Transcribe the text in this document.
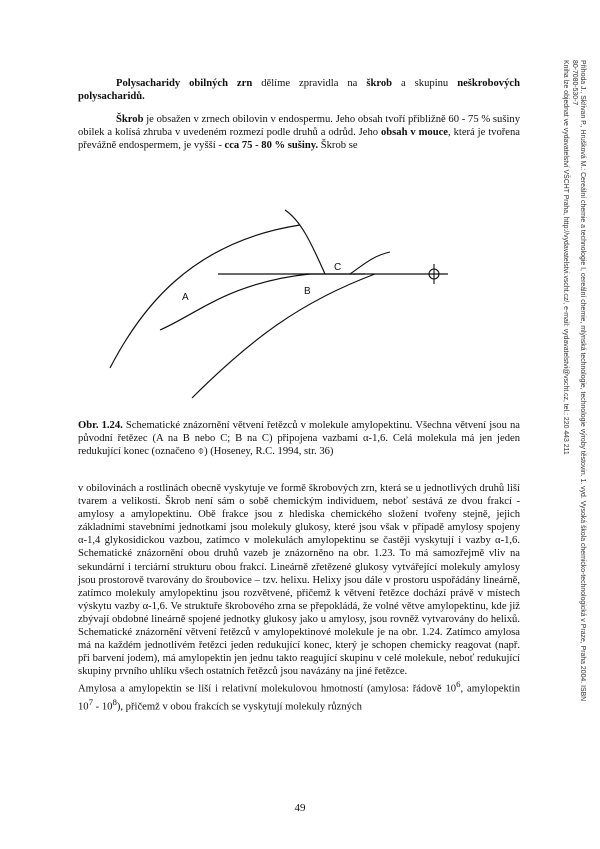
Příhoda J., Skřivan P., Hrušková M.: Cereální chemie a technologie I, cereální chemie, mlýnská technologie, technologie výroby těstovin. 1. vyd. Vysoká škola chemicko-technologická v Praze, Praha 2004. ISBN
80-7080-530-7
Kniha lze objednat ve vydavatelství VŠCHT Praha, http://vydavatelstvi.vscht.cz/, e-mail: vydavatelstvi@vscht.cz, tel.: 220 443 211
Polysacharidy obilných zrn dělíme zpravidla na škrob a skupinu neškrobových polysacharidů.
Škrob je obsažen v zrnech obilovin v endospermu. Jeho obsah tvoří přibližně 60 - 75 % sušiny obilek a kolísá zhruba v uvedeném rozmezí podle druhů a odrůd. Jeho obsah v mouce, která je tvořena převážně endospermem, je vyšší - cca 75 - 80 % sušiny. Škrob se
A
B
C
Obr. 1.24. Schematické znázornění větvení řetězců v molekule amylopektinu. Všechna větvení jsou na původní řetězec (A na B nebo C; B na C) připojena vazbami α-1,6. Celá molekula má jen jeden redukující konec (označeno ⌽) (Hoseney, R.C. 1994, str. 36)
v obilovinách a rostlinách obecně vyskytuje ve formě škrobových zrn, která se u jednotlivých druhů liší tvarem a velikostí. Škrob není sám o sobě chemickým individuem, neboť sestává ze dvou frakcí - amylosy a amylopektinu. Obě frakce jsou z hlediska chemického složení tvořeny stejně, jejich základními stavebními jednotkami jsou molekuly glukosy, které jsou však v případě amylosy spojeny α-1,4 glykosidickou vazbou, zatímco v molekulách amylopektinu se častěji vyskytují i vazby α-1,6. Schematické znázornění obou druhů vazeb je znázorněno na obr. 1.23. To má samozřejmě vliv na sekundární i terciární strukturu obou frakcí. Lineárně zřetězené glukosy vytvářející molekuly amylosy jsou prostorově tvarovány do šroubovice – tzv. helixu. Helixy jsou dále v prostoru uspořádány lineárně, zatímco molekuly amylopektinu jsou rozvětvené, přičemž k větvení řetězce dochází právě v místech výskytu vazby α-1,6. Ve struktuře škrobového zrna se přepokládá, že volné větve amylopektinu, kde již zbývají obdobné lineárně spojené jednotky glukosy jako u amylosy, jsou rovněž vytvarovány do helixů. Schematické znázornění větvení řetězců v amylopektinové molekule je na obr. 1.24. Zatímco amylosa má na každém jednotlivém řetězci jeden redukující konec, který je schopen chemicky reagovat (např. při barvení jodem), má amylopektin jen jednu takto reagující skupinu v celé molekule, neboť redukující skupiny prvního uhlíku všech ostatních řetězců jsou navázány na jiné řetězce.
Amylosa a amylopektin se liší i relativní molekulovou hmotností (amylosa: řádově $10^6$, amylopektin $10^7 - 10^8$), přičemž v obou frakcích se vyskytují molekuly různých
49
